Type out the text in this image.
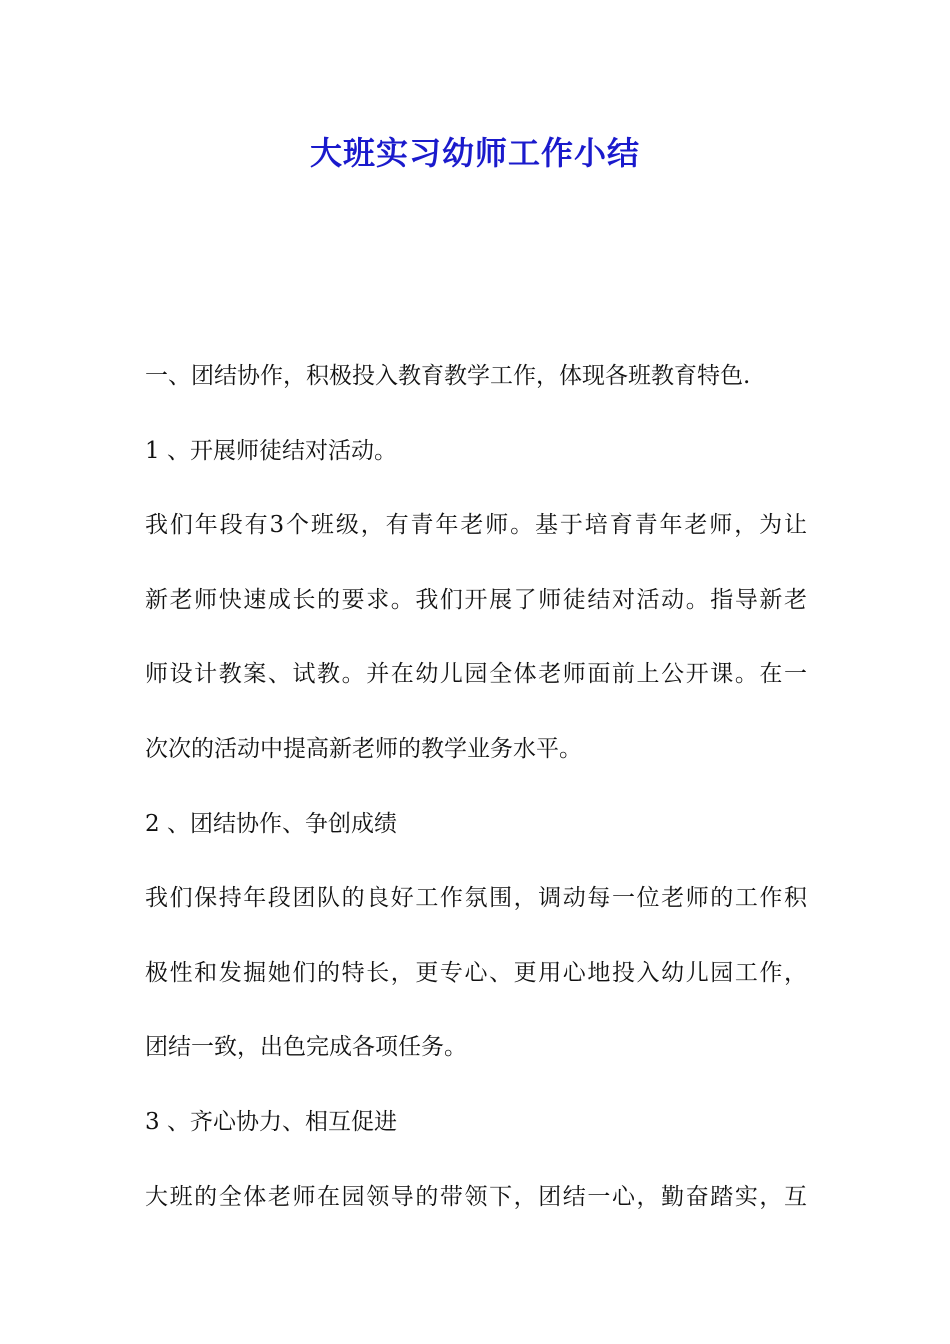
大班实习幼师工作小结
一、团结协作，积极投入教育教学工作，体现各班教育特色.
1 、开展师徒结对活动。
我们年段有3个班级，有青年老师。基于培育青年老师，为让
新老师快速成长的要求。我们开展了师徒结对活动。指导新老
师设计教案、试教。并在幼儿园全体老师面前上公开课。在一
次次的活动中提高新老师的教学业务水平。
2 、团结协作、争创成绩
我们保持年段团队的良好工作氛围，调动每一位老师的工作积
极性和发掘她们的特长，更专心、更用心地投入幼儿园工作，
团结一致，出色完成各项任务。
3 、齐心协力、相互促进
大班的全体老师在园领导的带领下，团结一心，勤奋踏实，互
